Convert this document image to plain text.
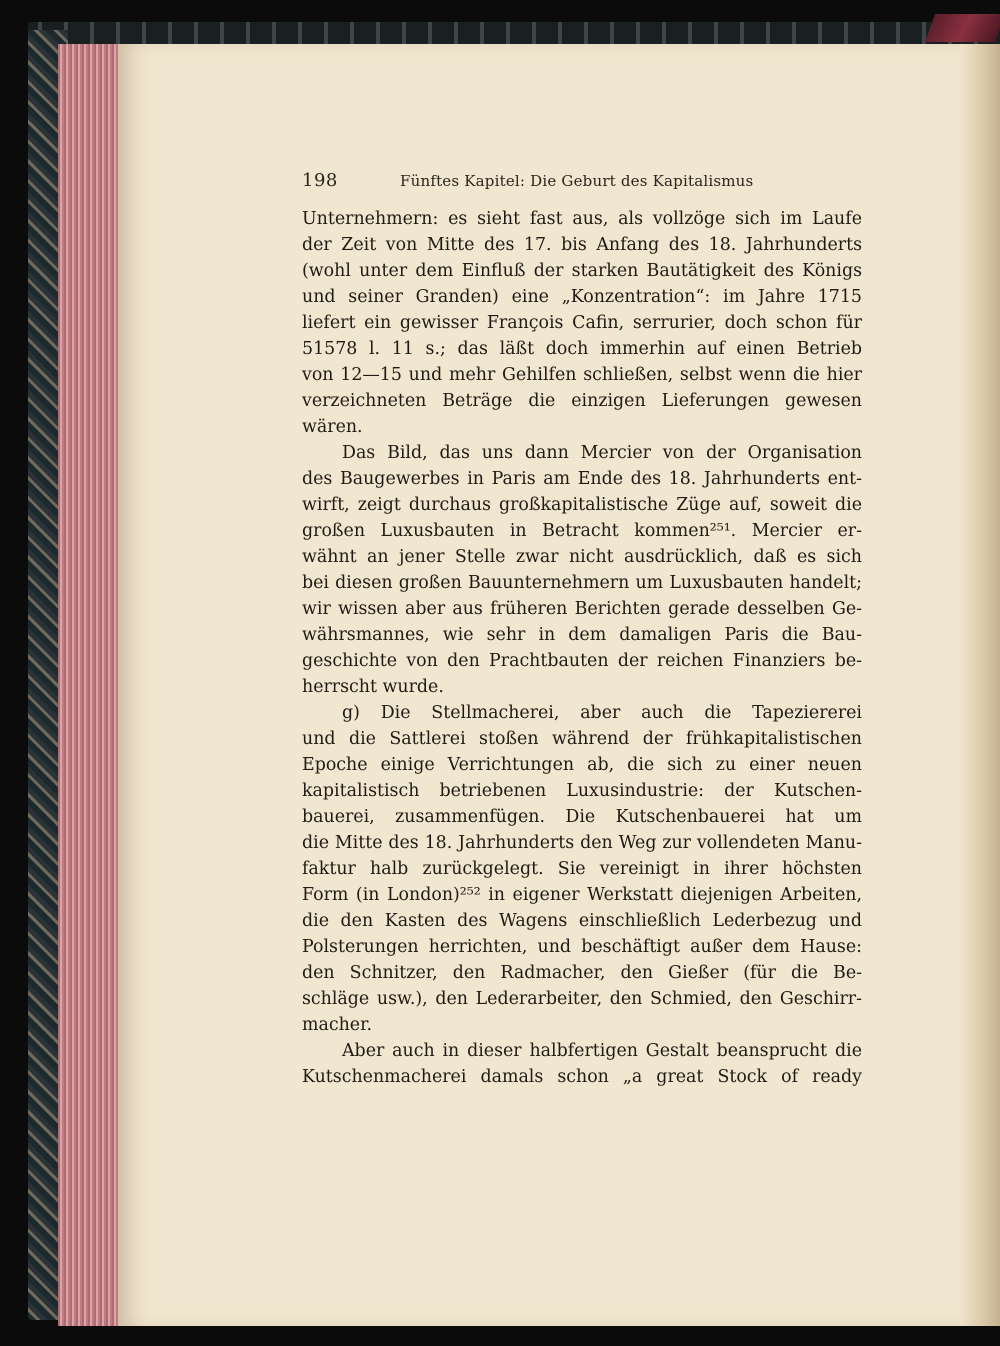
198	Fünftes Kapitel: Die Geburt des Kapitalismus
Unternehmern: es sieht fast aus, als vollzöge sich im Laufe
der Zeit von Mitte des 17. bis Anfang des 18. Jahrhunderts
(wohl unter dem Einfluß der starken Bautätigkeit des Königs
und seiner Granden) eine „Konzentration“: im Jahre 1715
liefert ein gewisser François Cafin, serrurier, doch schon für
51578 l. 11 s.; das läßt doch immerhin auf einen Betrieb
von 12—15 und mehr Gehilfen schließen, selbst wenn die hier
verzeichneten Beträge die einzigen Lieferungen gewesen
wären.
Das Bild, das uns dann Mercier von der Organisation
des Baugewerbes in Paris am Ende des 18. Jahrhunderts ent-
wirft, zeigt durchaus großkapitalistische Züge auf, soweit die
großen Luxusbauten in Betracht kommen²⁵¹. Mercier er-
wähnt an jener Stelle zwar nicht ausdrücklich, daß es sich
bei diesen großen Bauunternehmern um Luxusbauten handelt;
wir wissen aber aus früheren Berichten gerade desselben Ge-
währsmannes, wie sehr in dem damaligen Paris die Bau-
geschichte von den Prachtbauten der reichen Finanziers be-
herrscht wurde.
g) Die Stellmacherei, aber auch die Tapeziererei
und die Sattlerei stoßen während der frühkapitalistischen
Epoche einige Verrichtungen ab, die sich zu einer neuen
kapitalistisch betriebenen Luxusindustrie: der Kutschen-
bauerei, zusammenfügen. Die Kutschenbauerei hat um
die Mitte des 18. Jahrhunderts den Weg zur vollendeten Manu-
faktur halb zurückgelegt. Sie vereinigt in ihrer höchsten
Form (in London)²⁵² in eigener Werkstatt diejenigen Arbeiten,
die den Kasten des Wagens einschließlich Lederbezug und
Polsterungen herrichten, und beschäftigt außer dem Hause:
den Schnitzer, den Radmacher, den Gießer (für die Be-
schläge usw.), den Lederarbeiter, den Schmied, den Geschirr-
macher.
Aber auch in dieser halbfertigen Gestalt beansprucht die
Kutschenmacherei damals schon „a great Stock of ready
